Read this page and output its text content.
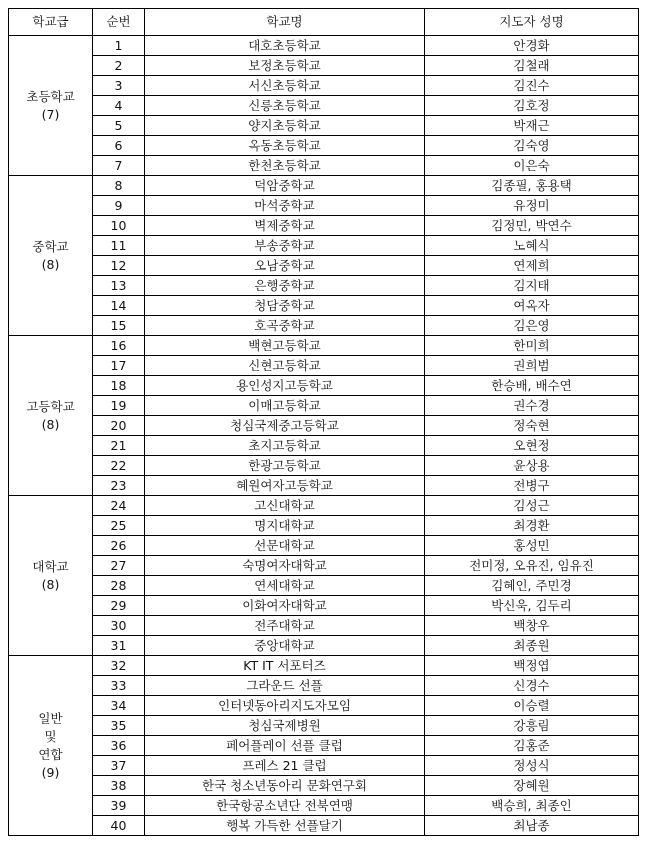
학교급	순번	학교명	지도자 성명

초등학교
(7)	1	대호초등학교	안경화
	2	보정초등학교	김철래
	3	서신초등학교	김진수
	4	신릉초등학교	김호정
	5	양지초등학교	박재근
	6	옥동초등학교	김숙영
	7	한천초등학교	이은숙

중학교
(8)	8	덕암중학교	김종필, 홍용택
	9	마석중학교	유정미
	10	벽제중학교	김정민, 박연수
	11	부송중학교	노혜식
	12	오남중학교	연제희
	13	은행중학교	김지태
	14	청담중학교	여옥자
	15	호곡중학교	김은영

고등학교
(8)	16	백현고등학교	한미희
	17	신현고등학교	권희범
	18	용인성지고등학교	한승배, 배수연
	19	이매고등학교	권수경
	20	청심국제중고등학교	정숙현
	21	초지고등학교	오현정
	22	한광고등학교	윤상용
	23	혜원여자고등학교	전병구

대학교
(8)	24	고신대학교	김성근
	25	명지대학교	최경환
	26	선문대학교	홍성민
	27	숙명여자대학교	전미정, 오유진, 임유진
	28	연세대학교	김혜인, 주민경
	29	이화여자대학교	박신욱, 김두리
	30	전주대학교	백창우
	31	중앙대학교	최종원

일반
및
연합
(9)	32	KT IT 서포터즈	백정엽
	33	그라운드 선플	신경수
	34	인터넷동아리지도자모임	이승렬
	35	청심국제병원	강흥림
	36	페어플레이 선플 클럽	김홍준
	37	프레스 21 클럽	정성식
	38	한국 청소년동아리 문화연구회	장혜원
	39	한국항공소년단 전북연맹	백승희, 최종인
	40	행복 가득한 선플달기	최남종
